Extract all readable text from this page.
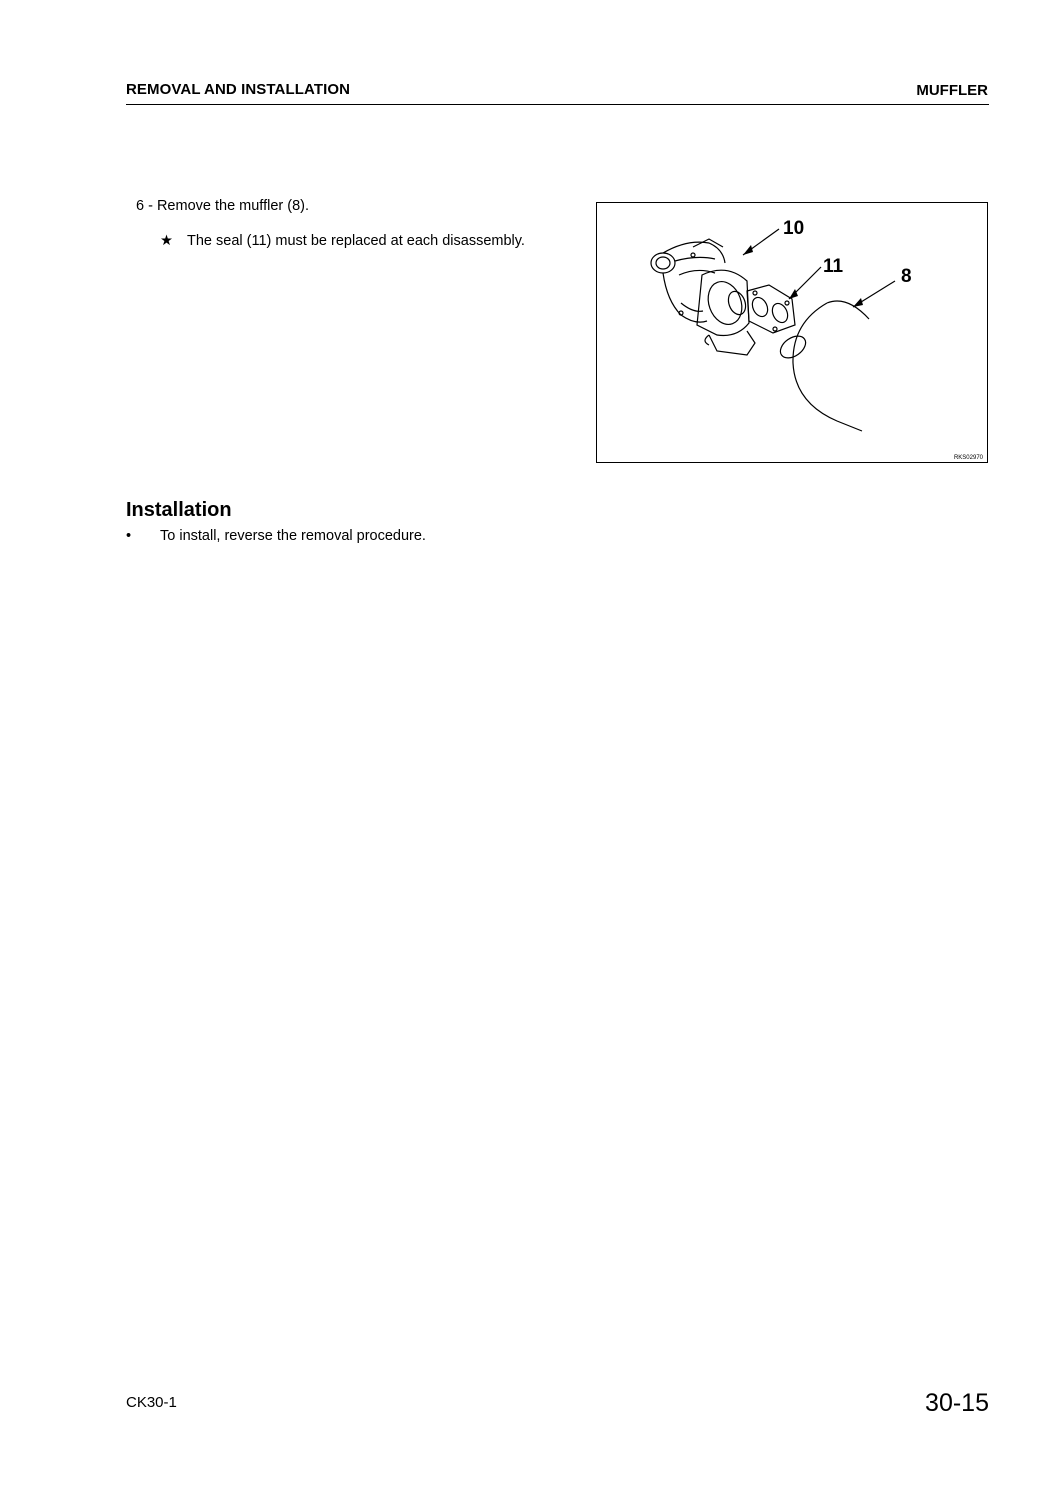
REMOVAL AND INSTALLATION	MUFFLER
6 - Remove the muffler (8).
★ The seal (11) must be replaced at each disassembly.
10
11	8
RKS02970
Installation
• To install, reverse the removal procedure.
CK30-1	30-15
